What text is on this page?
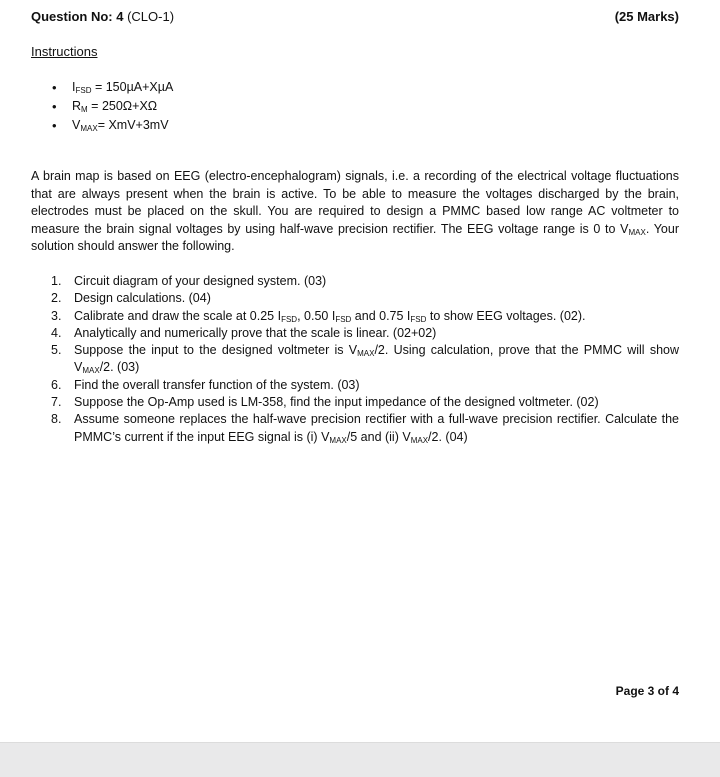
Question No: 4 (CLO-1)	(25 Marks)
Instructions
• $I_{FSD} = 150\mu A+X\mu A$
• $R_M = 250\Omega+X\Omega$
• $V_{MAX}= XmV+3mV$

A brain map is based on EEG (electro-encephalogram) signals, i.e. a recording of the electrical voltage fluctuations that are always present when the brain is active. To be able to measure the voltages discharged by the brain, electrodes must be placed on the skull. You are required to design a PMMC based low range AC voltmeter to measure the brain signal voltages by using half-wave precision rectifier. The EEG voltage range is 0 to $V_{MAX}$. Your solution should answer the following.

1. Circuit diagram of your designed system. (03)
2. Design calculations. (04)
3. Calibrate and draw the scale at 0.25 $I_{FSD}$, 0.50 $I_{FSD}$ and 0.75 $I_{FSD}$ to show EEG voltages. (02).
4. Analytically and numerically prove that the scale is linear. (02+02)
5. Suppose the input to the designed voltmeter is $V_{MAX}/2$. Using calculation, prove that the PMMC will show $V_{MAX}/2$. (03)
6. Find the overall transfer function of the system. (03)
7. Suppose the Op-Amp used is LM-358, find the input impedance of the designed voltmeter. (02)
8. Assume someone replaces the half-wave precision rectifier with a full-wave precision rectifier. Calculate the PMMC’s current if the input EEG signal is (i) $V_{MAX}/5$ and (ii) $V_{MAX}/2$. (04)
Page 3 of 4
